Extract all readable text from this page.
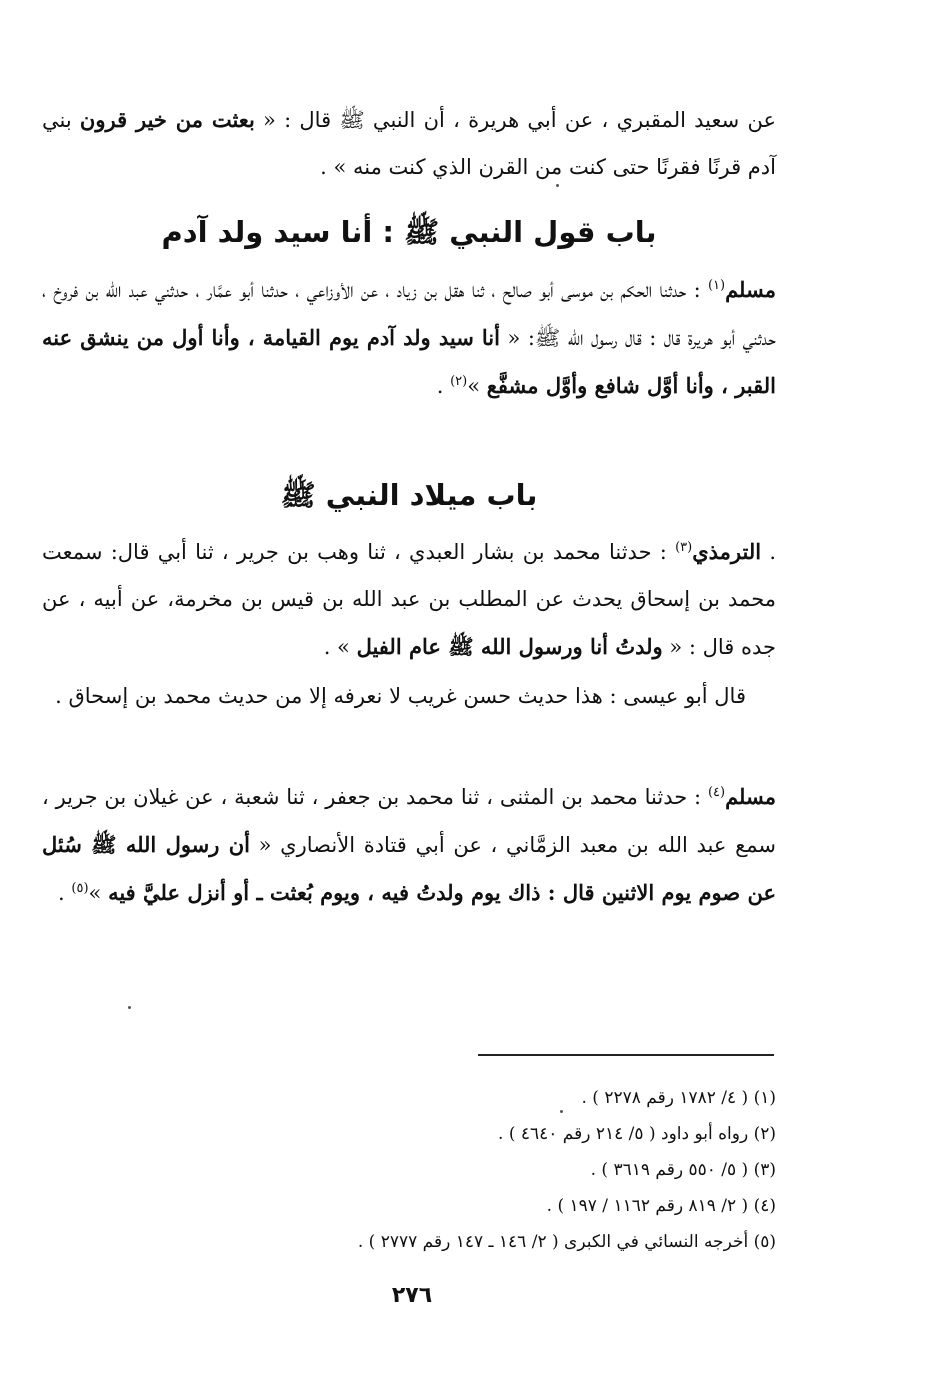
عن سعيد المقبري ، عن أبي هريرة ، أن النبي ﷺ قال : « بعثت من خير قرون بني آدم قرنًا فقرنًا حتى كنت من القرن الذي كنت منه » .
باب قول النبي ﷺ : أنا سيد ولد آدم
مسلم$^{(١)}$ : حدثنا الحكم بن موسى أبو صالح ، ثنا هقل بن زياد ، عن الأوزاعي ، حدثنا أبو عمَّار ، حدثني عبد الله بن فروخ ، حدثني أبو هريرة قال : قال رسول الله ﷺ: « أنا سيد ولد آدم يوم القيامة ، وأنا أول من ينشق عنه القبر ، وأنا أوَّل شافع وأوَّل مشفَّع »$^{(٢)}$ .
باب ميلاد النبي ﷺ
. الترمذي$^{(٣)}$ : حدثنا محمد بن بشار العبدي ، ثنا وهب بن جرير ، ثنا أبي قال: سمعت محمد بن إسحاق يحدث عن المطلب بن عبد الله بن قيس بن مخرمة، عن أبيه ، عن جده قال : « ولدتُ أنا ورسول الله ﷺ عام الفيل » .
قال أبو عيسى : هذا حديث حسن غريب لا نعرفه إلا من حديث محمد بن إسحاق .
مسلم$^{(٤)}$ : حدثنا محمد بن المثنى ، ثنا محمد بن جعفر ، ثنا شعبة ، عن غيلان بن جرير ، سمع عبد الله بن معبد الزمَّاني ، عن أبي قتادة الأنصاري « أن رسول الله ﷺ سُئل عن صوم يوم الاثنين قال : ذاك يوم ولدتُ فيه ، ويوم بُعثت ـ أو أنزل عليَّ فيه »$^{(٥)}$ .
(١) ( ٤/ ١٧٨٢ رقم ٢٢٧٨ ) .
(٢) رواه أبو داود ( ٥/ ٢١٤ رقم ٤٦٤٠ ) .
(٣) ( ٥/ ٥٥٠ رقم ٣٦١٩ ) .
(٤) ( ٢/ ٨١٩ رقم ١١٦٢ / ١٩٧ ) .
(٥) أخرجه النسائي في الكبرى ( ٢/ ١٤٦ ـ ١٤٧ رقم ٢٧٧٧ ) .
٢٧٦
